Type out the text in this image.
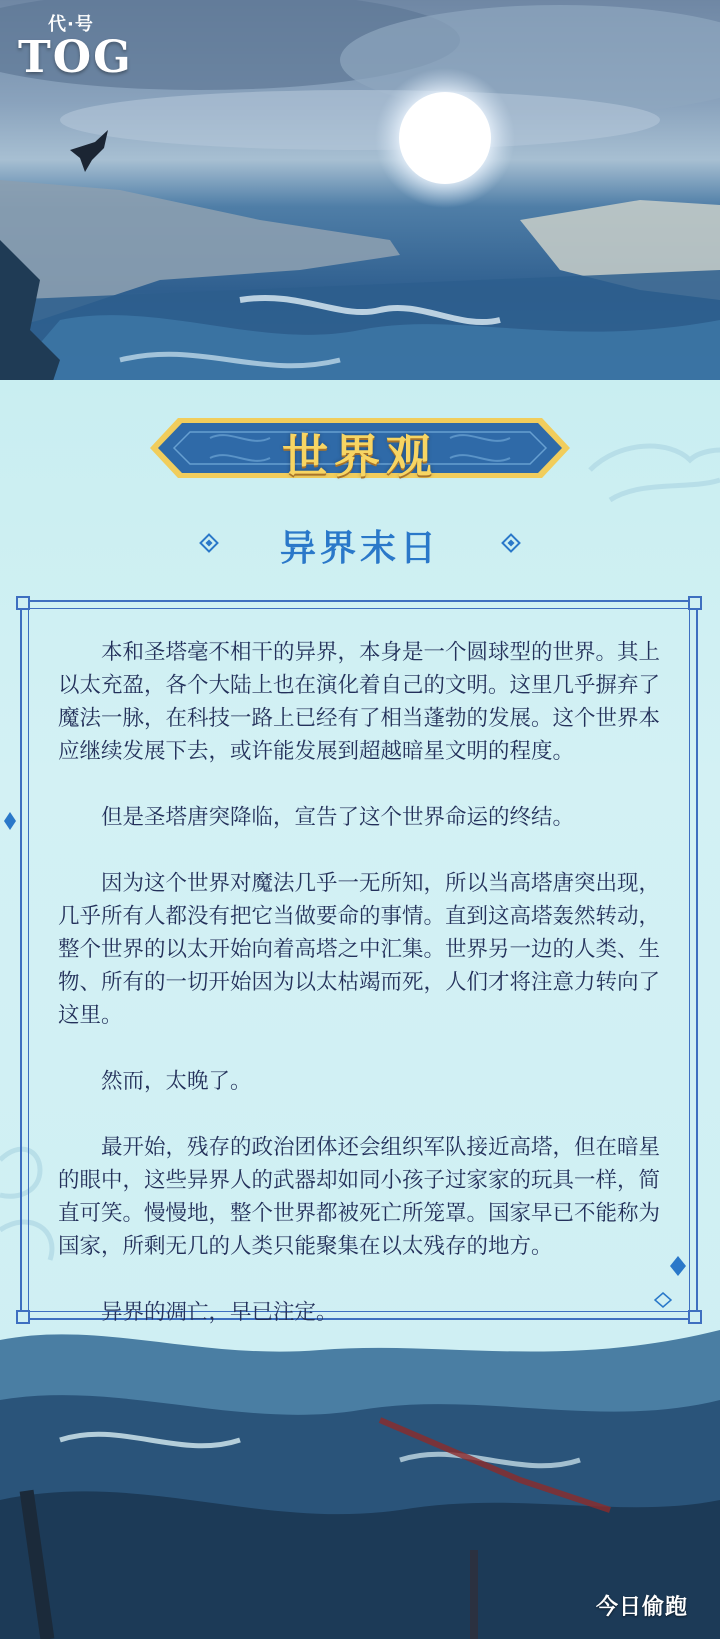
代·号
TOG
世界观
异界末日

本和圣塔毫不相干的异界，本身是一个圆球型的世界。其上以太充盈，各个大陆上也在演化着自己的文明。这里几乎摒弃了魔法一脉，在科技一路上已经有了相当蓬勃的发展。这个世界本应继续发展下去，或许能发展到超越暗星文明的程度。

但是圣塔唐突降临，宣告了这个世界命运的终结。

因为这个世界对魔法几乎一无所知，所以当高塔唐突出现，几乎所有人都没有把它当做要命的事情。直到这高塔轰然转动，整个世界的以太开始向着高塔之中汇集。世界另一边的人类、生物、所有的一切开始因为以太枯竭而死，人们才将注意力转向了这里。

然而，太晚了。

最开始，残存的政治团体还会组织军队接近高塔，但在暗星的眼中，这些异界人的武器却如同小孩子过家家的玩具一样，简直可笑。慢慢地，整个世界都被死亡所笼罩。国家早已不能称为国家，所剩无几的人类只能聚集在以太残存的地方。

异界的凋亡，早已注定。

今日偷跑
